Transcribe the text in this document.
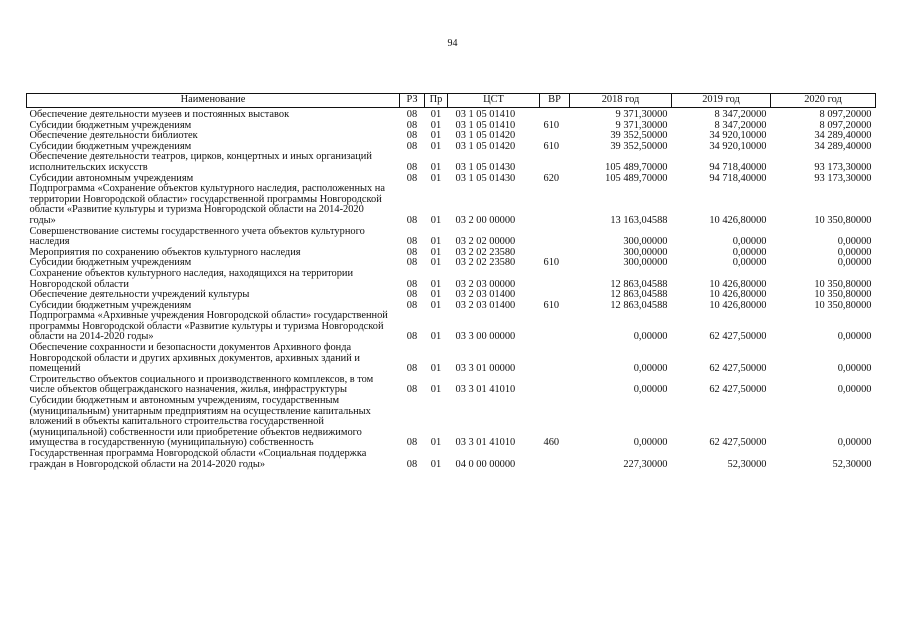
94
Наименование	РЗ	Пр	ЦСТ	ВР	2018 год	2019 год	2020 год
Обеспечение деятельности музеев и постоянных выставок	08	01	03 1 05 01410		9 371,30000	8 347,20000	8 097,20000
Субсидии бюджетным учреждениям	08	01	03 1 05 01410	610	9 371,30000	8 347,20000	8 097,20000
Обеспечение деятельности библиотек	08	01	03 1 05 01420		39 352,50000	34 920,10000	34 289,40000
Субсидии бюджетным учреждениям	08	01	03 1 05 01420	610	39 352,50000	34 920,10000	34 289,40000
Обеспечение деятельности театров, цирков, концертных и иных организаций исполнительских искусств	08	01	03 1 05 01430		105 489,70000	94 718,40000	93 173,30000
Субсидии автономным учреждениям	08	01	03 1 05 01430	620	105 489,70000	94 718,40000	93 173,30000
Подпрограмма «Сохранение объектов культурного наследия, расположенных на территории Новгородской области» государственной программы Новгородской области «Развитие культуры и туризма Новгородской области на 2014-2020 годы»	08	01	03 2 00 00000		13 163,04588	10 426,80000	10 350,80000
Совершенствование системы государственного учета объектов культурного наследия	08	01	03 2 02 00000		300,00000	0,00000	0,00000
Мероприятия по сохранению объектов культурного наследия	08	01	03 2 02 23580		300,00000	0,00000	0,00000
Субсидии бюджетным учреждениям	08	01	03 2 02 23580	610	300,00000	0,00000	0,00000
Сохранение объектов культурного наследия, находящихся на территории Новгородской области	08	01	03 2 03 00000		12 863,04588	10 426,80000	10 350,80000
Обеспечение деятельности учреждений культуры	08	01	03 2 03 01400		12 863,04588	10 426,80000	10 350,80000
Субсидии бюджетным учреждениям	08	01	03 2 03 01400	610	12 863,04588	10 426,80000	10 350,80000
Подпрограмма «Архивные учреждения Новгородской области» государственной программы Новгородской области «Развитие культуры и туризма Новгородской области на 2014-2020 годы»	08	01	03 3 00 00000		0,00000	62 427,50000	0,00000
Обеспечение сохранности и безопасности документов Архивного фонда Новгородской области и других архивных документов, архивных зданий и помещений	08	01	03 3 01 00000		0,00000	62 427,50000	0,00000
Строительство объектов социального и производственного комплексов, в том числе объектов общегражданского назначения, жилья, инфраструктуры	08	01	03 3 01 41010		0,00000	62 427,50000	0,00000
Субсидии бюджетным и автономным учреждениям, государственным (муниципальным) унитарным предприятиям на осуществление капитальных вложений в объекты капитального строительства государственной (муниципальной) собственности или приобретение объектов недвижимого имущества в государственную (муниципальную) собственность	08	01	03 3 01 41010	460	0,00000	62 427,50000	0,00000
Государственная программа Новгородской области «Социальная поддержка граждан в Новгородской области на 2014-2020 годы»	08	01	04 0 00 00000		227,30000	52,30000	52,30000
